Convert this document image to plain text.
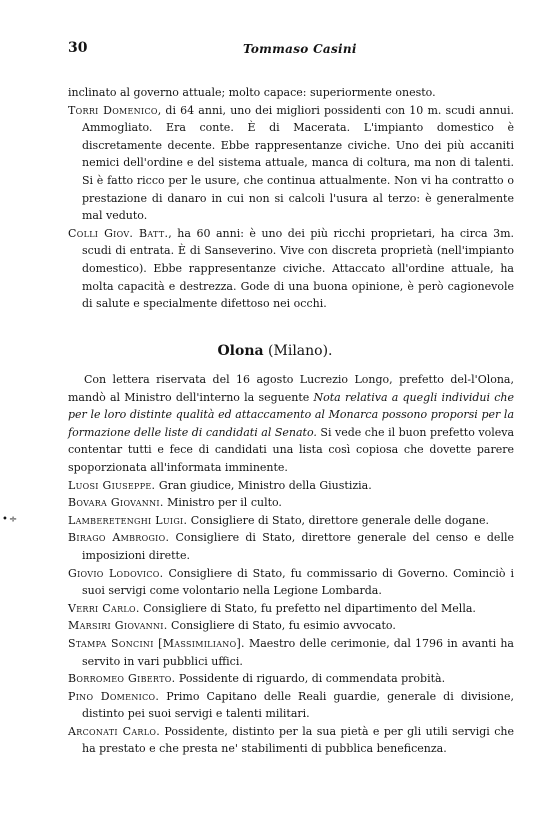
30	Tommaso Casini

inclinato al governo attuale; molto capace: superiormente onesto.

Torri Domenico, di 64 anni, uno dei migliori possidenti con 10 m. scudi annui. Ammogliato. Era conte. È di Macerata. L'impianto domestico è discretamente decente. Ebbe rappresentanze civiche. Uno dei più accaniti nemici dell'ordine e del sistema attuale, manca di coltura, ma non di talenti. Si è fatto ricco per le usure, che continua attualmente. Non vi ha contratto o prestazione di danaro in cui non si calcoli l'usura al terzo: è generalmente mal veduto.

Colli Giov. Batt., ha 60 anni: è uno dei più ricchi proprietari, ha circa 3m. scudi di entrata. È di Sanseverino. Vive con discreta proprietà (nell'impianto domestico). Ebbe rappresentanze civiche. Attaccato all'ordine attuale, ha molta capacità e destrezza. Gode di una buona opinione, è però cagionevole di salute e specialmente difettoso nei occhi.

Olona (Milano).

Con lettera riservata del 16 agosto Lucrezio Longo, prefetto del-l'Olona, mandò al Ministro dell'interno la seguente Nota relativa a quegli individui che per le loro distinte qualità ed attaccamento al Monarca possono proporsi per la formazione delle liste di candidati al Senato. Si vede che il buon prefetto voleva contentar tutti e fece di candidati una lista così copiosa che dovette parere spoporzionata all'informata imminente.

Luosi Giuseppe. Gran giudice, Ministro della Giustizia.

Bovara Giovanni. Ministro per il culto.

Lamberetenghi Luigi. Consigliere di Stato, direttore generale delle dogane.

Birago Ambrogio. Consigliere di Stato, direttore generale del censo e delle imposizioni dirette.

Giovio Lodovico. Consigliere di Stato, fu commissario di Governo. Cominciò i suoi servigi come volontario nella Legione Lombarda.

Verri Carlo. Consigliere di Stato, fu prefetto nel dipartimento del Mella.

Marsiri Giovanni. Consigliere di Stato, fu esimio avvocato.

Stampa Soncini [Massimiliano]. Maestro delle cerimonie, dal 1796 in avanti ha servito in vari pubblici uffici.

Borromeo Giberto. Possidente di riguardo, di commendata probità.

Pino Domenico. Primo Capitano delle Reali guardie, generale di divisione, distinto pei suoi servigi e talenti militari.

Arconati Carlo. Possidente, distinto per la sua pietà e per gli utili servigi che ha prestato e che presta ne' stabilimenti di pubblica beneficenza.

•÷
